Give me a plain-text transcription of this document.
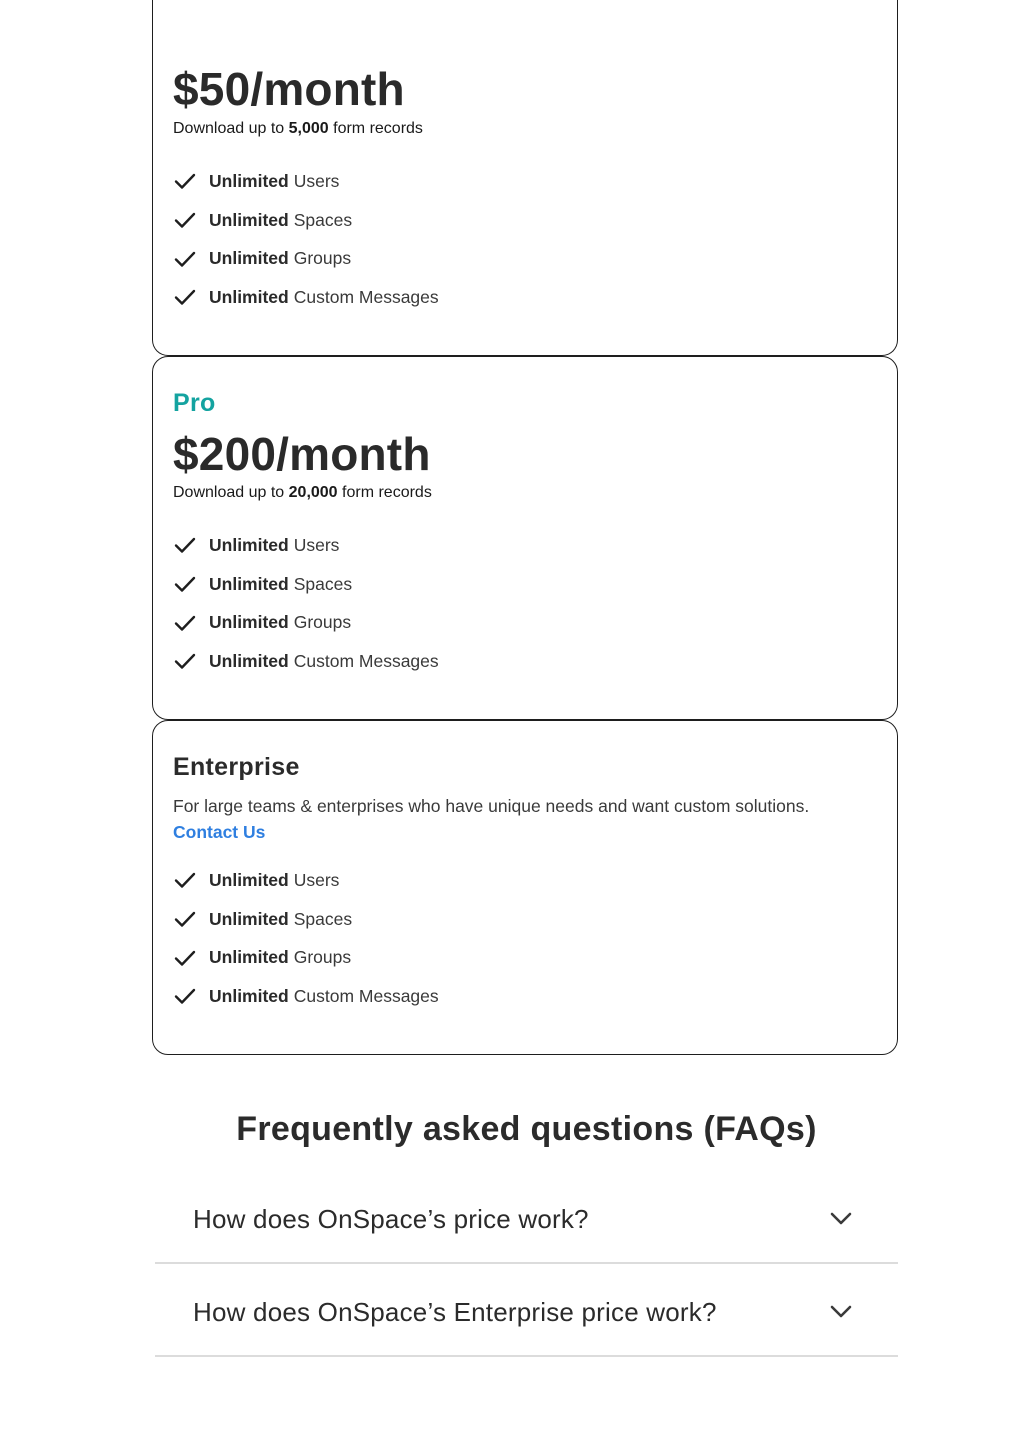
$50/month
Download up to 5,000 form records
Unlimited Users
Unlimited Spaces
Unlimited Groups
Unlimited Custom Messages
Pro
$200/month
Download up to 20,000 form records
Unlimited Users
Unlimited Spaces
Unlimited Groups
Unlimited Custom Messages
Enterprise
For large teams & enterprises who have unique needs and want custom solutions. Contact Us
Unlimited Users
Unlimited Spaces
Unlimited Groups
Unlimited Custom Messages
Frequently asked questions (FAQs)
How does OnSpace’s price work?
How does OnSpace’s Enterprise price work?
